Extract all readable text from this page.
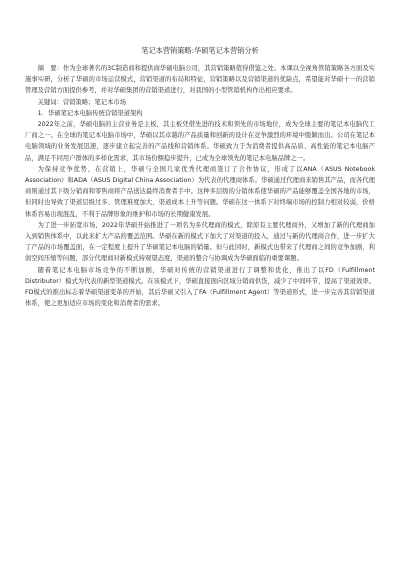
笔记本营销策略:华硕笔记本营销分析

摘　要：作为全球著名的3C制造商和提供商华硕电脑公司，其营销策略值得借鉴之处。本课以全视角管销策略各方面及实施事实研，分析了华硕的市场运营模式、营销渠道的布局和特征，营销策略以及营销渠道的优缺点，希望能对华硕十一的营销管理及营销方面提供参考，并对华硕集团的营销渠道进行，对我国的小型管销机构作出相应要求。

关键词：营销策略；笔记本市场

1．华硕笔记本电脑传统营销渠道架构

2022年之前，华硕电脑的主营业务是主板，其主板凭借先进的技术和领先的市场地位，成为全球主要的笔记本电脑代工厂商之一。在全球的笔记本电脑市场中，华硕以其卓越的产品质量和创新的设计在竞争激烈的环境中脱颖而出。公司在笔记本电脑领域的业务发展迅速，逐步建立起完善的产品线和营销体系。华硕致力于为消费者提供高品质、高性能的笔记本电脑产品，满足不同用户群体的多样化需求，其市场份额稳步提升，已成为全球领先的笔记本电脑品牌之一。

为保持竞争优势，在营销上，华硕与全国几家优秀代理商签订了合作协议，形成了以ANA（ASUS Notebook Association）和ADA（ASUS Digital China Association）为代表的代理商体系。华硕通过代理商来销售其产品，而各代理商则通过其下级分销商和零售商将产品送达最终消费者手中。这种多层级的分销体系使华硕的产品能够覆盖全国各地的市场，但同时也导致了渠道层级过多、管理难度加大、渠道成本上升等问题。华硕在这一体系下对终端市场的控制力相对较弱，价格体系容易出现混乱，不利于品牌形象的维护和市场的长期健康发展。

为了进一步拓宽市场，2022年华硕开始推进了一项名为多代理商的模式，除原有主要代理商外，又增加了新的代理商加入到销售体系中，以此来扩大产品的覆盖范围。华硕在新的模式下加大了对渠道的投入，通过与新的代理商合作，进一步扩大了产品的市场覆盖面，在一定程度上提升了华硕笔记本电脑的销量。但与此同时，新模式也带来了代理商之间的竞争加剧、利润空间压缩等问题，部分代理商对新模式持观望态度，渠道的整合与协调成为华硕面临的重要课题。

随着笔记本电脑市场竞争的不断加剧，华硕对传统的营销渠道进行了调整和优化，推出了以FD（Fulfillment Distributor）模式为代表的新型渠道模式。在该模式下，华硕直接面向区域分销商供货，减少了中间环节，提高了渠道效率。FD模式的推出标志着华硕渠道变革的开始，其后华硕又引入了FA（Fulfillment Agent）等渠道形式，进一步完善其营销渠道体系，使之更加适应市场的变化和消费者的需求。
